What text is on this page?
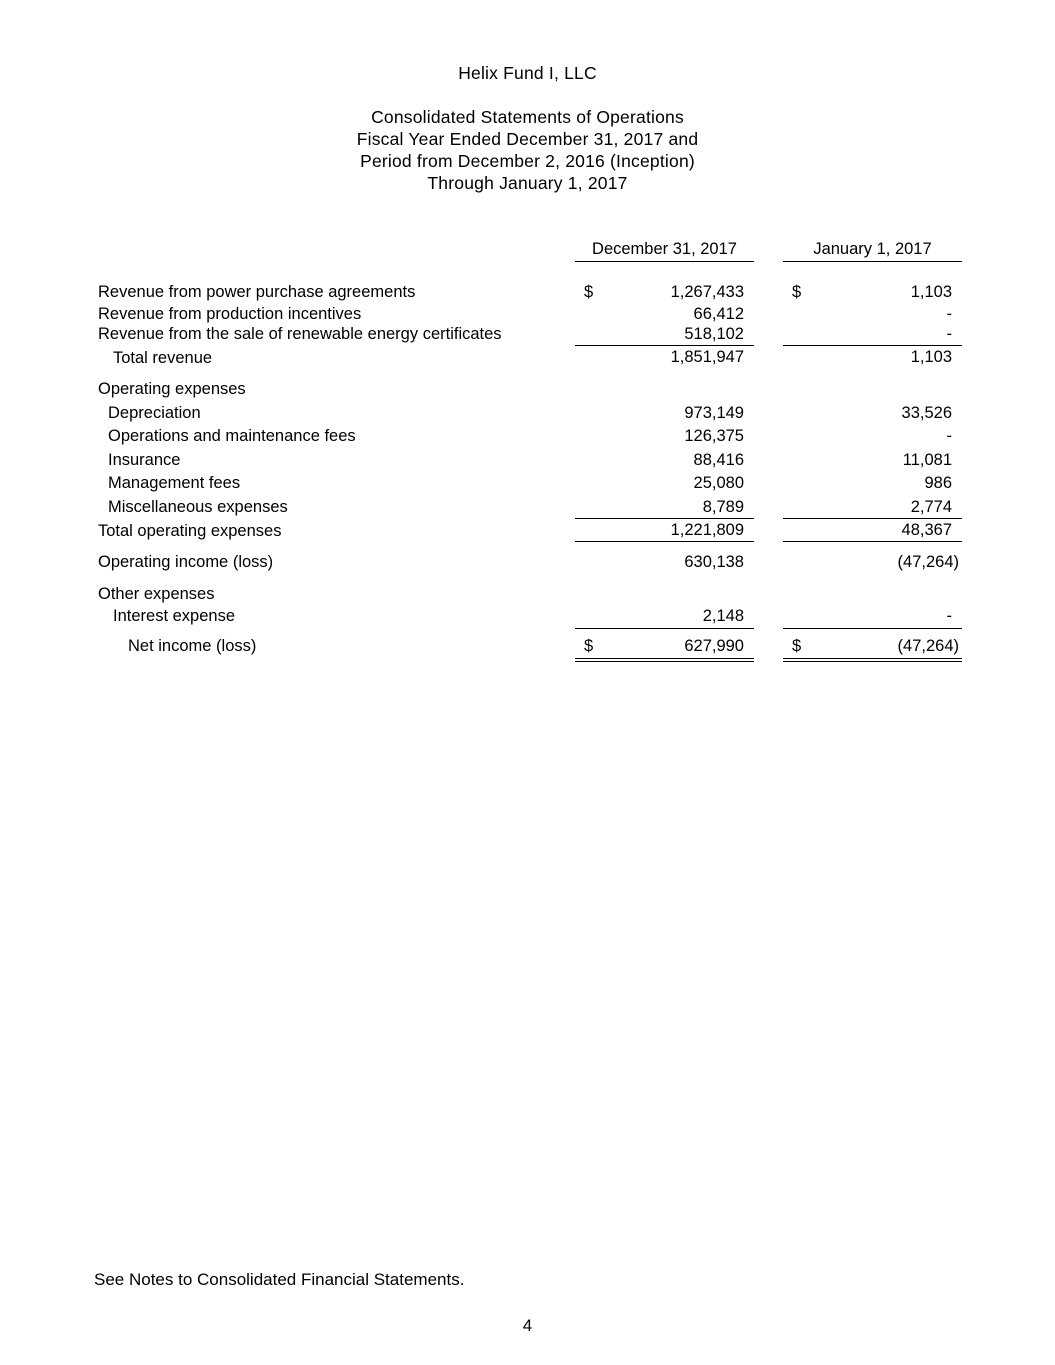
Helix Fund I, LLC
Consolidated Statements of Operations
Fiscal Year Ended December 31, 2017 and
Period from December 2, 2016 (Inception)
Through January 1, 2017
December 31, 2017	January 1, 2017
Revenue from power purchase agreements	$	1,267,433	$	1,103
Revenue from production incentives	66,412	-
Revenue from the sale of renewable energy certificates	518,102	-
Total revenue	1,851,947	1,103
Operating expenses
Depreciation	973,149	33,526
Operations and maintenance fees	126,375	-
Insurance	88,416	11,081
Management fees	25,080	986
Miscellaneous expenses	8,789	2,774
Total operating expenses	1,221,809	48,367
Operating income (loss)	630,138	(47,264)
Other expenses
Interest expense	2,148	-
Net income (loss)	$	627,990	$	(47,264)
See Notes to Consolidated Financial Statements.
4
